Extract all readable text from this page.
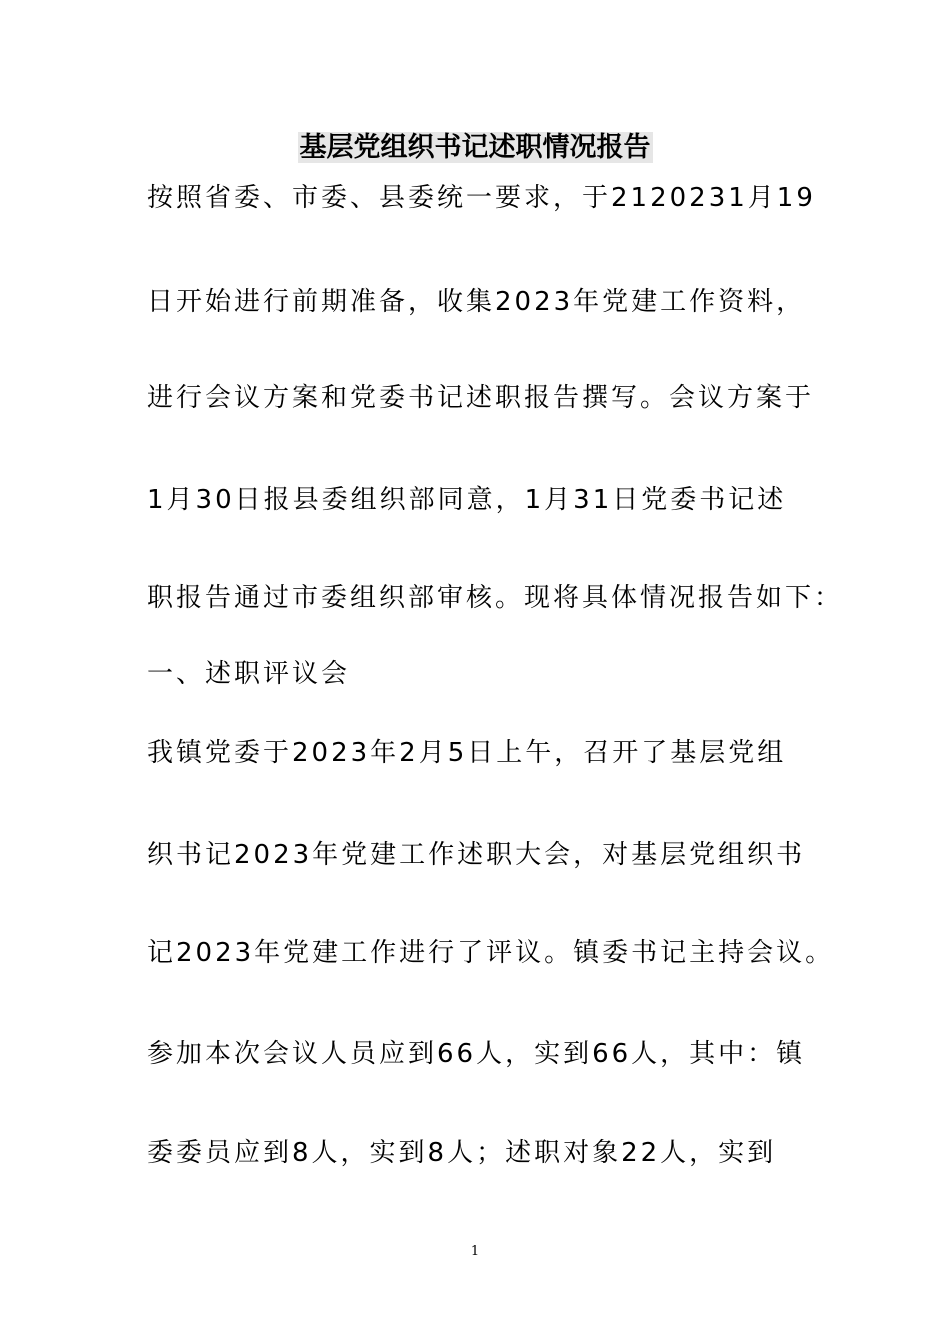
基层党组织书记述职情况报告

按照省委、市委、县委统一要求，于2120231月19

日开始进行前期准备，收集2023年党建工作资料，

进行会议方案和党委书记述职报告撰写。会议方案于

1月30日报县委组织部同意，1月31日党委书记述

职报告通过市委组织部审核。现将具体情况报告如下：

一、述职评议会

我镇党委于2023年2月5日上午，召开了基层党组

织书记2023年党建工作述职大会，对基层党组织书

记2023年党建工作进行了评议。镇委书记主持会议。

参加本次会议人员应到66人，实到66人，其中：镇

委委员应到8人，实到8人；述职对象22人，实到

1
